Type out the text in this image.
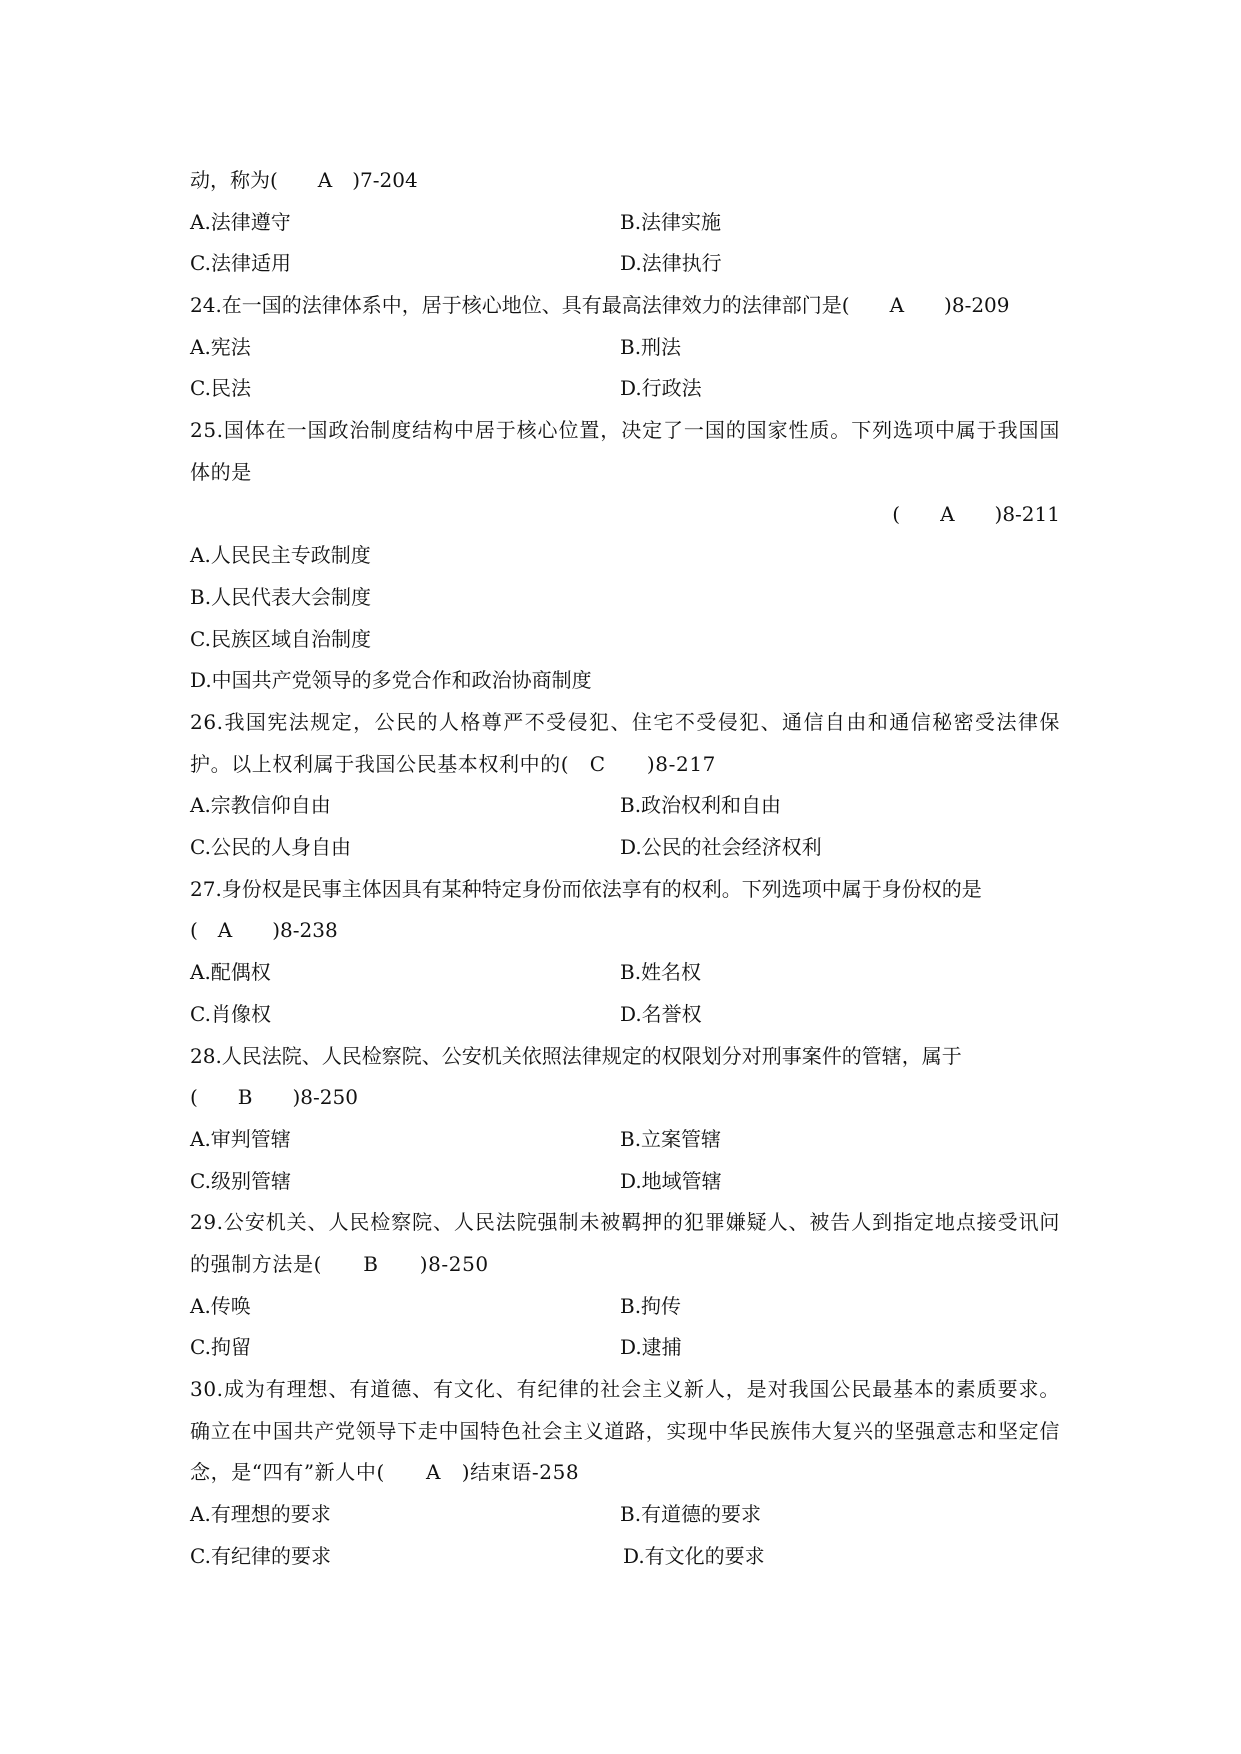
动，称为(　　A　)7-204
A.法律遵守	B.法律实施
C.法律适用	D.法律执行
24.在一国的法律体系中，居于核心地位、具有最高法律效力的法律部门是(　　A　　)8-209
A.宪法	B.刑法
C.民法	D.行政法
25.国体在一国政治制度结构中居于核心位置，决定了一国的国家性质。下列选项中属于我国国体的是
(　　A　　)8-211
A.人民民主专政制度
B.人民代表大会制度
C.民族区域自治制度
D.中国共产党领导的多党合作和政治协商制度
26.我国宪法规定，公民的人格尊严不受侵犯、住宅不受侵犯、通信自由和通信秘密受法律保护。以上权利属于我国公民基本权利中的(　C　　)8-217
A.宗教信仰自由	B.政治权利和自由
C.公民的人身自由	D.公民的社会经济权利
27.身份权是民事主体因具有某种特定身份而依法享有的权利。下列选项中属于身份权的是
(　A　　)8-238
A.配偶权	B.姓名权
C.肖像权	D.名誉权
28.人民法院、人民检察院、公安机关依照法律规定的权限划分对刑事案件的管辖，属于
(　　B　　)8-250
A.审判管辖	B.立案管辖
C.级别管辖	D.地域管辖
29.公安机关、人民检察院、人民法院强制未被羁押的犯罪嫌疑人、被告人到指定地点接受讯问的强制方法是(　　B　　)8-250
A.传唤	B.拘传
C.拘留	D.逮捕
30.成为有理想、有道德、有文化、有纪律的社会主义新人，是对我国公民最基本的素质要求。确立在中国共产党领导下走中国特色社会主义道路，实现中华民族伟大复兴的坚强意志和坚定信念，是“四有”新人中(　　A　)结束语-258
A.有理想的要求	B.有道德的要求
C.有纪律的要求	D.有文化的要求
